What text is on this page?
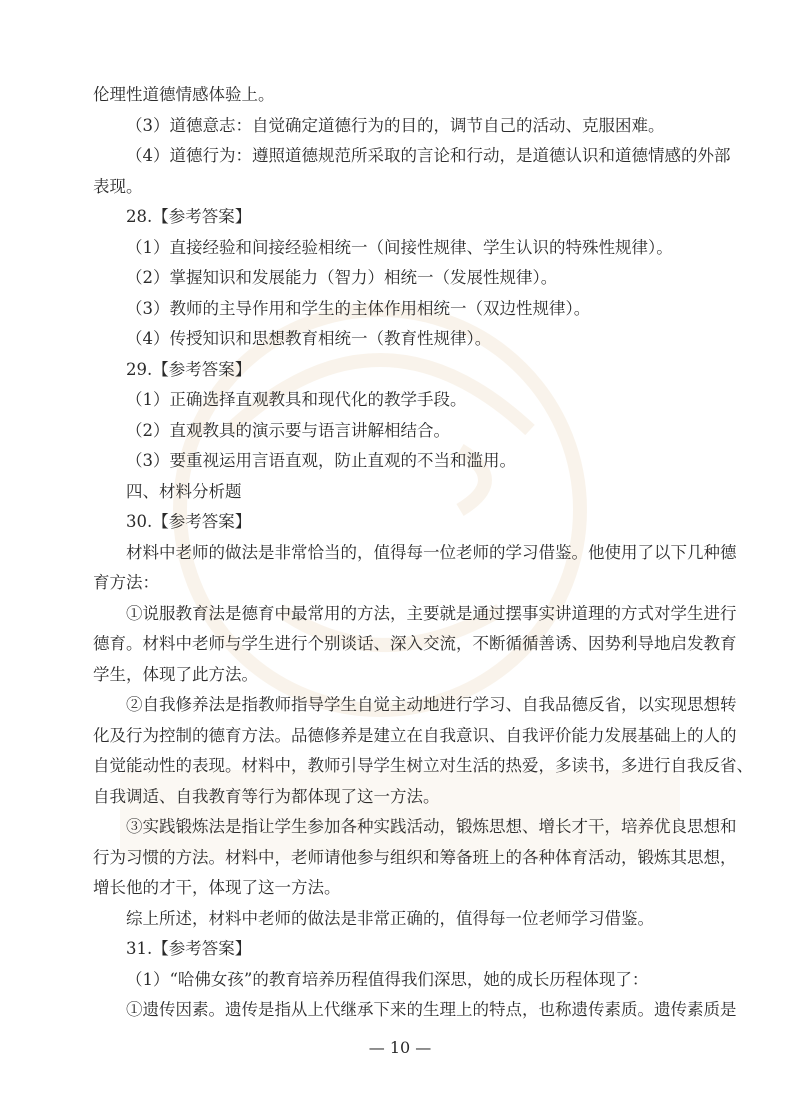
伦理性道德情感体验上。

（3）道德意志：自觉确定道德行为的目的，调节自己的活动、克服困难。

（4）道德行为：遵照道德规范所采取的言论和行动，是道德认识和道德情感的外部

表现。

28.【参考答案】

（1）直接经验和间接经验相统一（间接性规律、学生认识的特殊性规律）。

（2）掌握知识和发展能力（智力）相统一（发展性规律）。

（3）教师的主导作用和学生的主体作用相统一（双边性规律）。

（4）传授知识和思想教育相统一（教育性规律）。

29.【参考答案】

（1）正确选择直观教具和现代化的教学手段。

（2）直观教具的演示要与语言讲解相结合。

（3）要重视运用言语直观，防止直观的不当和滥用。

四、材料分析题

30.【参考答案】

材料中老师的做法是非常恰当的，值得每一位老师的学习借鉴。他使用了以下几种德

育方法：

①说服教育法是德育中最常用的方法，主要就是通过摆事实讲道理的方式对学生进行

德育。材料中老师与学生进行个别谈话、深入交流，不断循循善诱、因势利导地启发教育

学生，体现了此方法。

②自我修养法是指教师指导学生自觉主动地进行学习、自我品德反省，以实现思想转

化及行为控制的德育方法。品德修养是建立在自我意识、自我评价能力发展基础上的人的

自觉能动性的表现。材料中，教师引导学生树立对生活的热爱，多读书，多进行自我反省、

自我调适、自我教育等行为都体现了这一方法。

③实践锻炼法是指让学生参加各种实践活动，锻炼思想、增长才干，培养优良思想和

行为习惯的方法。材料中，老师请他参与组织和筹备班上的各种体育活动，锻炼其思想，

增长他的才干，体现了这一方法。

综上所述，材料中老师的做法是非常正确的，值得每一位老师学习借鉴。

31.【参考答案】

（1）“哈佛女孩”的教育培养历程值得我们深思，她的成长历程体现了：

①遗传因素。遗传是指从上代继承下来的生理上的特点，也称遗传素质。遗传素质是

— 10 —
